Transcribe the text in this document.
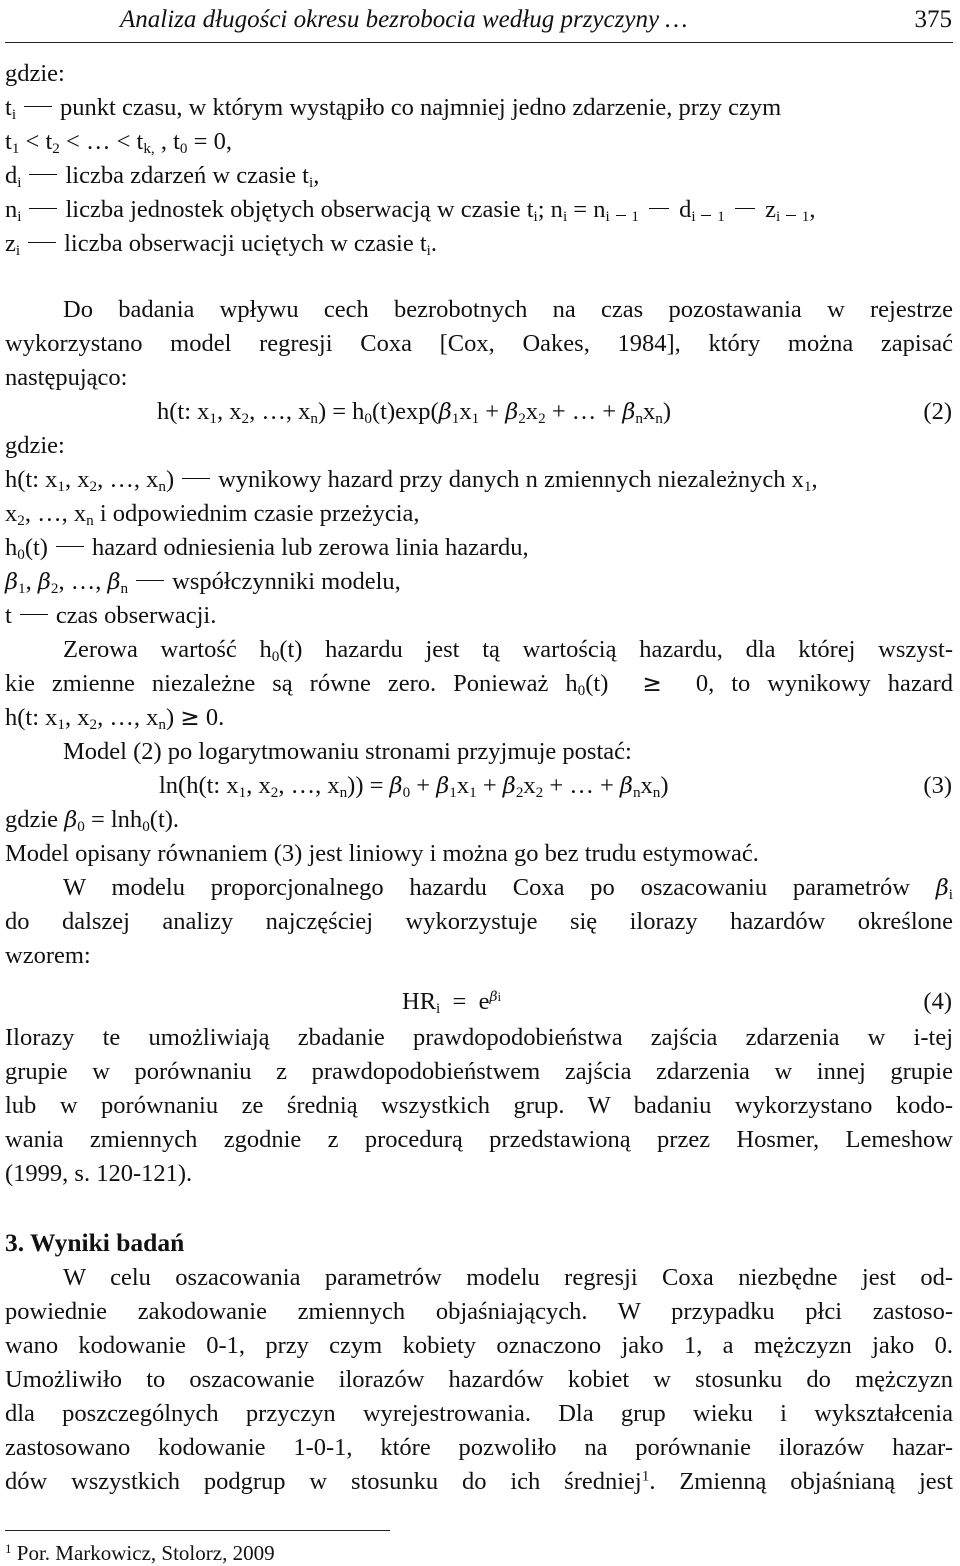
Analiza długości okresu bezrobocia według przyczyny …	375
gdzie:
$t_i$ punkt czasu, w którym wystąpiło co najmniej jedno zdarzenie, przy czym
$t_1 < t_2$ < … < $t_{k,}$ , $t_0 = 0$,
$d_i$ liczba zdarzeń w czasie $t_i$,
$n_i$ liczba jednostek objętych obserwacją w czasie $t_i$; $n_i = n_{i 1}$  $d_{i 1}$  $z_{i 1}$,
$z_i$ liczba obserwacji uciętych w czasie $t_i$.
Do badania wpływu cech bezrobotnych na czas pozostawania w rejestrze
wykorzystano model regresji Coxa [Cox, Oakes, 1984], który można zapisać
następująco:
h(t: $x_1$, $x_2$, …, $x_n) = h_0(t)\exp(\beta_1x_1 + \beta_2x_2$ + … + $\beta_nx_n$)	(2)
gdzie:
h(t: $x_1$, $x_2$, …, $x_n$) wynikowy hazard przy danych n zmiennych niezależnych $x_1$,
$x_2$, …, $x_n$ i odpowiednim czasie przeżycia,
$h_0(t)$ hazard odniesienia lub zerowa linia hazardu,
$\beta_1$, $\beta_2$, …, $\beta_n$ współczynniki modelu,
t czas obserwacji.
Zerowa wartość $h_0(t)$ hazardu jest tą wartością hazardu, dla której wszyst-
kie zmienne niezależne są równe zero. Ponieważ $h_0(t) \ge 0$, to wynikowy hazard
h(t: $x_1$, $x_2$, …, $x_n) \ge 0$.
Model (2) po logarytmowaniu stronami przyjmuje postać:
ln(h(t: $x_1$, $x_2$, …, $x_n)) = \beta_0 + \beta_1x_1 + \beta_2x_2$ + … + $\beta_nx_n$)	(3)
gdzie $\beta_0 = \ln h_0(t)$.
Model opisany równaniem (3) jest liniowy i można go bez trudu estymować.
W modelu proporcjonalnego hazardu Coxa po oszacowaniu parametrów $\beta_i$
do dalszej analizy najczęściej wykorzystuje się ilorazy hazardów określone
wzorem:
$HR_i = e^{\beta i}$	(4)
Ilorazy te umożliwiają zbadanie prawdopodobieństwa zajścia zdarzenia w i-tej
grupie w porównaniu z prawdopodobieństwem zajścia zdarzenia w innej grupie
lub w porównaniu ze średnią wszystkich grup. W badaniu wykorzystano kodo-
wania zmiennych zgodnie z procedurą przedstawioną przez Hosmer, Lemeshow
(1999, s. 120-121).
3. Wyniki badań
W celu oszacowania parametrów modelu regresji Coxa niezbędne jest od-
powiednie zakodowanie zmiennych objaśniających. W przypadku płci zastoso-
wano kodowanie 0-1, przy czym kobiety oznaczono jako 1, a mężczyzn jako 0.
Umożliwiło to oszacowanie ilorazów hazardów kobiet w stosunku do mężczyzn
dla poszczególnych przyczyn wyrejestrowania. Dla grup wieku i wykształcenia
zastosowano kodowanie 1-0-1, które pozwoliło na porównanie ilorazów hazar-
dów wszystkich podgrup w stosunku do ich średniej$^1$. Zmienną objaśnianą jest
$^1$ Por. Markowicz, Stolorz, 2009
